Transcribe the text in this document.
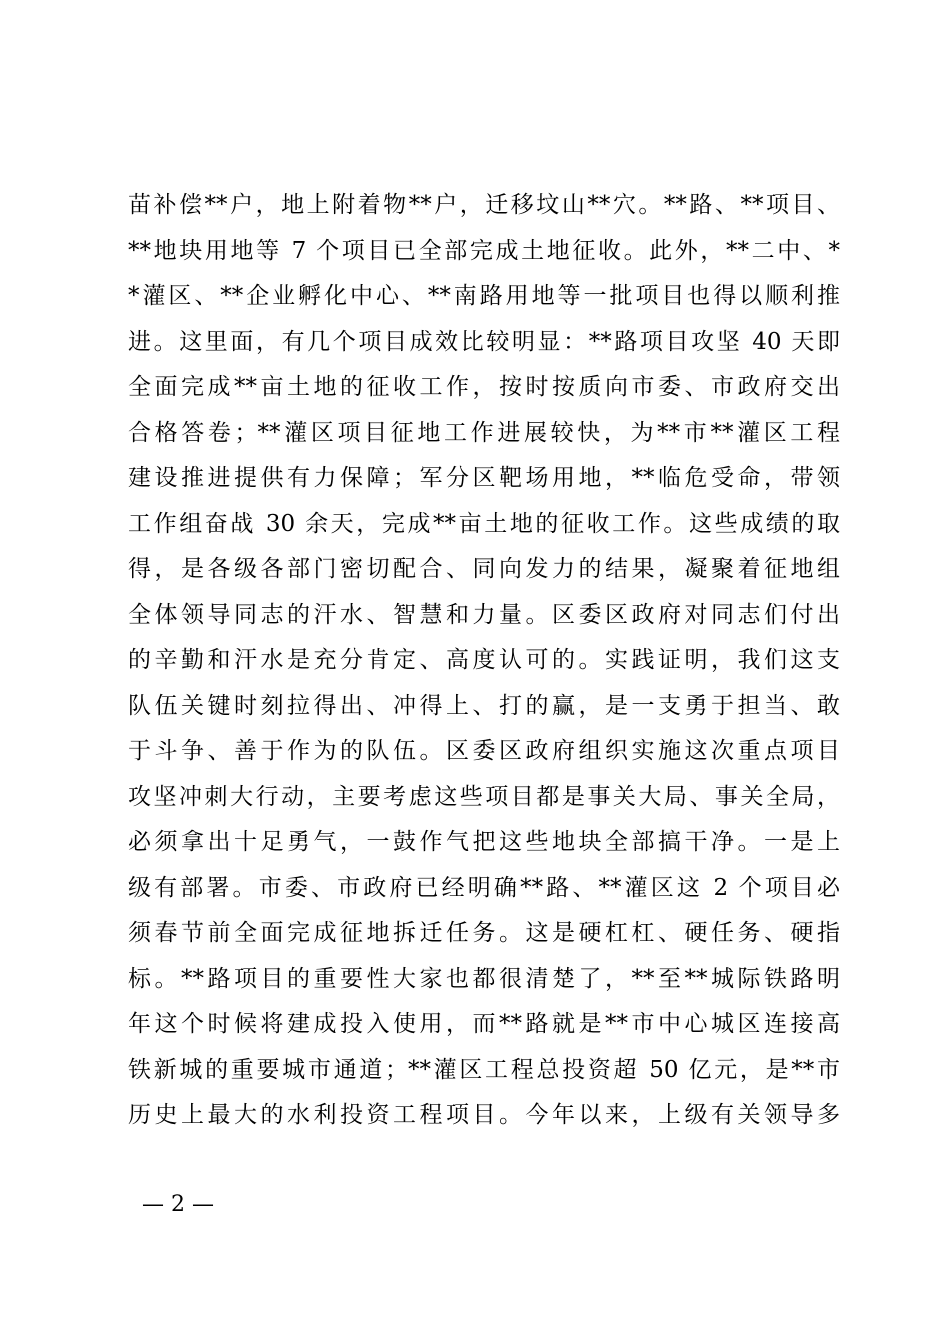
苗补偿**户，地上附着物**户，迁移坟山**穴。**路、**项目、
**地块用地等 7 个项目已全部完成土地征收。此外，**二中、*
*灌区、**企业孵化中心、**南路用地等一批项目也得以顺利推
进。这里面，有几个项目成效比较明显：**路项目攻坚 40 天即
全面完成**亩土地的征收工作，按时按质向市委、市政府交出
合格答卷；**灌区项目征地工作进展较快，为**市**灌区工程
建设推进提供有力保障；军分区靶场用地，**临危受命，带领
工作组奋战 30 余天，完成**亩土地的征收工作。这些成绩的取
得，是各级各部门密切配合、同向发力的结果，凝聚着征地组
全体领导同志的汗水、智慧和力量。区委区政府对同志们付出
的辛勤和汗水是充分肯定、高度认可的。实践证明，我们这支
队伍关键时刻拉得出、冲得上、打的赢，是一支勇于担当、敢
于斗争、善于作为的队伍。区委区政府组织实施这次重点项目
攻坚冲刺大行动，主要考虑这些项目都是事关大局、事关全局，
必须拿出十足勇气，一鼓作气把这些地块全部搞干净。一是上
级有部署。市委、市政府已经明确**路、**灌区这 2 个项目必
须春节前全面完成征地拆迁任务。这是硬杠杠、硬任务、硬指
标。**路项目的重要性大家也都很清楚了，**至**城际铁路明
年这个时候将建成投入使用，而**路就是**市中心城区连接高
铁新城的重要城市通道；**灌区工程总投资超 50 亿元，是**市
历史上最大的水利投资工程项目。今年以来，上级有关领导多
— 2 —
